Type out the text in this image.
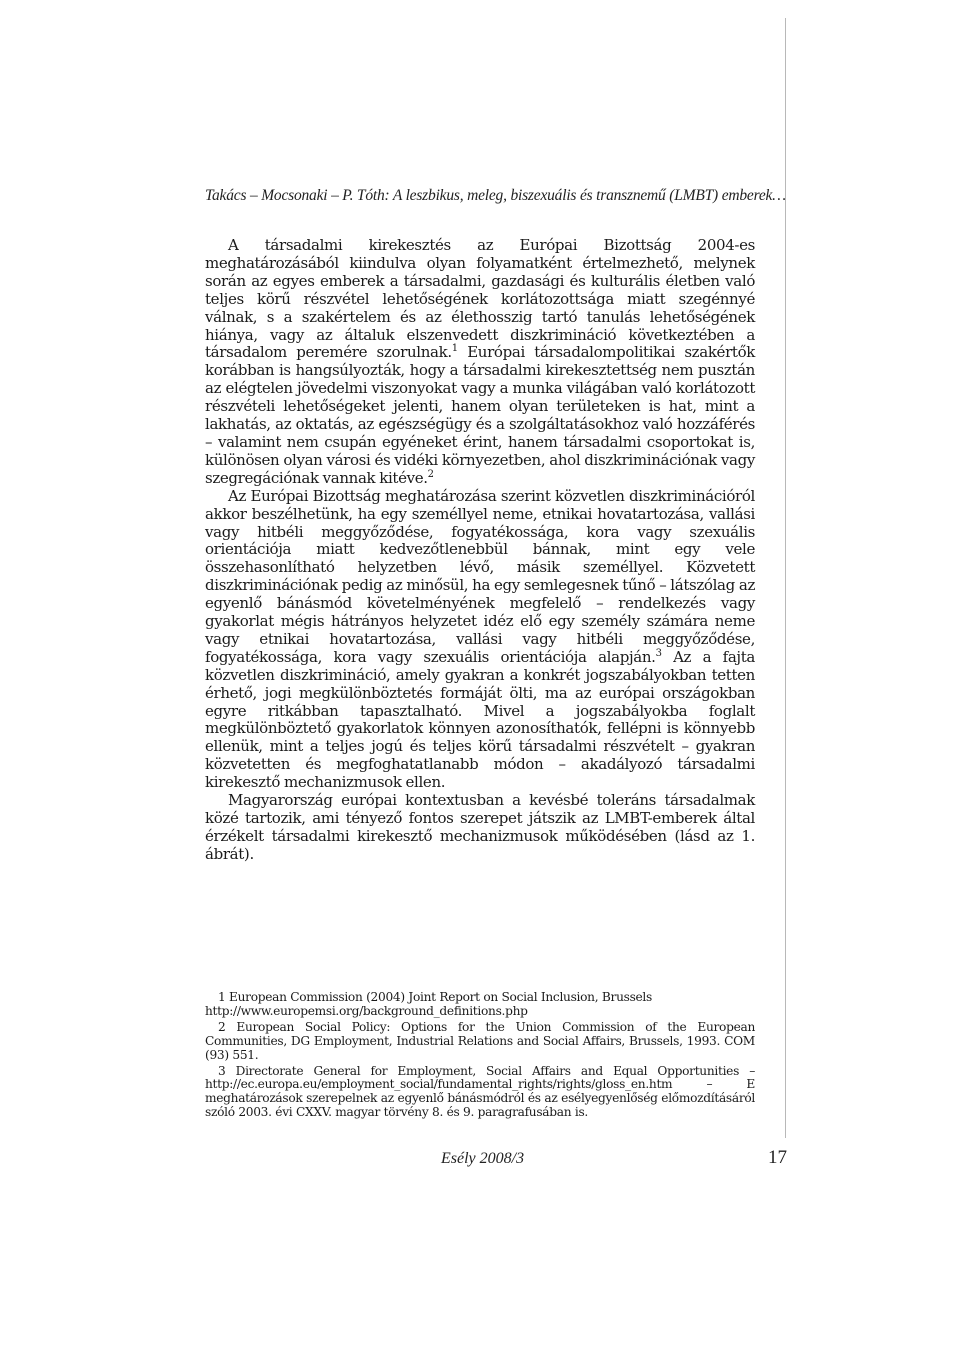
Takács – Mocsonaki – P. Tóth: A leszbikus, meleg, biszexuális és transznemű (LMBT) emberek…

A társadalmi kirekesztés az Európai Bizottság 2004-es meghatározásából kiindulva olyan folyamatként értelmezhető, melynek során az egyes emberek a társadalmi, gazdasági és kulturális életben való teljes körű részvétel lehetőségének korlátozottsága miatt szegénnyé válnak, s a szakértelem és az élethosszig tartó tanulás lehetőségének hiánya, vagy az általuk elszenvedett diszkrimináció következtében a társadalom peremére szorulnak.$^1$ Európai társadalompolitikai szakértők korábban is hangsúlyozták, hogy a társadalmi kirekesztettség nem pusztán az elégtelen jövedelmi viszonyokat vagy a munka világában való korlátozott részvételi lehetőségeket jelenti, hanem olyan területeken is hat, mint a lakhatás, az oktatás, az egészségügy és a szolgáltatásokhoz való hozzáférés – valamint nem csupán egyéneket érint, hanem társadalmi csoportokat is, különösen olyan városi és vidéki környezetben, ahol diszkriminációnak vagy szegregációnak vannak kitéve.$^2$

Az Európai Bizottság meghatározása szerint közvetlen diszkriminációról akkor beszélhetünk, ha egy személlyel neme, etnikai hovatartozása, vallási vagy hitbéli meggyőződése, fogyatékossága, kora vagy szexuális orientációja miatt kedvezőtlenebbül bánnak, mint egy vele összehasonlítható helyzetben lévő, másik személlyel. Közvetett diszkriminációnak pedig az minősül, ha egy semlegesnek tűnő – látszólag az egyenlő bánásmód követelményének megfelelő – rendelkezés vagy gyakorlat mégis hátrányos helyzetet idéz elő egy személy számára neme vagy etnikai hovatartozása, vallási vagy hitbéli meggyőződése, fogyatékossága, kora vagy szexuális orientációja alapján.$^3$ Az a fajta közvetlen diszkrimináció, amely gyakran a konkrét jogszabályokban tetten érhető, jogi megkülönböztetés formáját ölti, ma az európai országokban egyre ritkábban tapasztalható. Mivel a jogszabályokba foglalt megkülönböztető gyakorlatok könnyen azonosíthatók, fellépni is könnyebb ellenük, mint a teljes jogú és teljes körű társadalmi részvételt – gyakran közvetetten és megfoghatatlanabb módon – akadályozó társadalmi kirekesztő mechanizmusok ellen.

Magyarország európai kontextusban a kevésbé toleráns társadalmak közé tartozik, ami tényező fontos szerepet játszik az LMBT-emberek által érzékelt társadalmi kirekesztő mechanizmusok működésében (lásd az 1. ábrát).

1 European Commission (2004) Joint Report on Social Inclusion, Brussels
http://www.europemsi.org/background_definitions.php
2 European Social Policy: Options for the Union Commission of the European Communities, DG Employment, Industrial Relations and Social Affairs, Brussels, 1993. COM (93) 551.
3 Directorate General for Employment, Social Affairs and Equal Opportunities – http://ec.europa.eu/employment_social/fundamental_rights/rights/gloss_en.htm – E meghatározások szerepelnek az egyenlő bánásmódról és az esélyegyenlőség előmozdításáról szóló 2003. évi CXXV. magyar törvény 8. és 9. paragrafusában is.
Esély 2008/3	17
